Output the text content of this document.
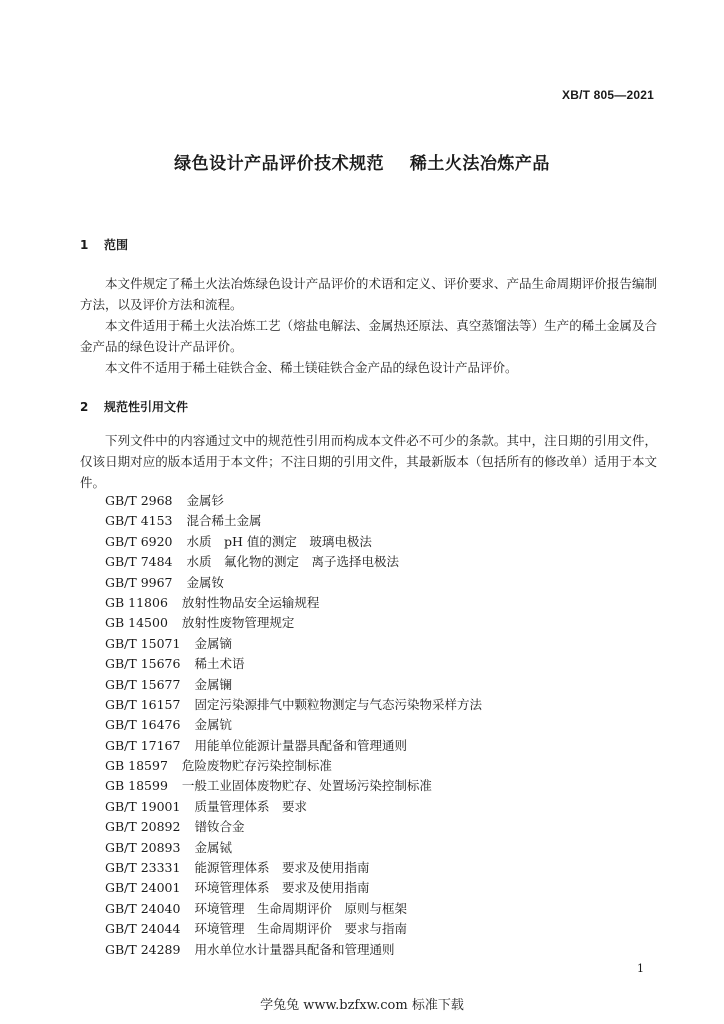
XB/T 805—2021
绿色设计产品评价技术规范    稀土火法冶炼产品
1 范围

本文件规定了稀土火法冶炼绿色设计产品评价的术语和定义、评价要求、产品生命周期评价报告编制方法，以及评价方法和流程。

本文件适用于稀土火法冶炼工艺（熔盐电解法、金属热还原法、真空蒸馏法等）生产的稀土金属及合金产品的绿色设计产品评价。

本文件不适用于稀土硅铁合金、稀土镁硅铁合金产品的绿色设计产品评价。

2 规范性引用文件

下列文件中的内容通过文中的规范性引用而构成本文件必不可少的条款。其中，注日期的引用文件，仅该日期对应的版本适用于本文件；不注日期的引用文件，其最新版本（包括所有的修改单）适用于本文件。

GB/T 2968 金属钐
GB/T 4153 混合稀土金属
GB/T 6920 水质　pH 值的测定　玻璃电极法
GB/T 7484 水质　氟化物的测定　离子选择电极法
GB/T 9967 金属钕
GB 11806 放射性物品安全运输规程
GB 14500 放射性废物管理规定
GB/T 15071 金属镝
GB/T 15676 稀土术语
GB/T 15677 金属镧
GB/T 16157 固定污染源排气中颗粒物测定与气态污染物采样方法
GB/T 16476 金属钪
GB/T 17167 用能单位能源计量器具配备和管理通则
GB 18597 危险废物贮存污染控制标准
GB 18599 一般工业固体废物贮存、处置场污染控制标准
GB/T 19001 质量管理体系　要求
GB/T 20892 镨钕合金
GB/T 20893 金属铽
GB/T 23331 能源管理体系　要求及使用指南
GB/T 24001 环境管理体系　要求及使用指南
GB/T 24040 环境管理　生命周期评价　原则与框架
GB/T 24044 环境管理　生命周期评价　要求与指南
GB/T 24289 用水单位水计量器具配备和管理通则
1
学兔兔 www.bzfxw.com 标准下载
